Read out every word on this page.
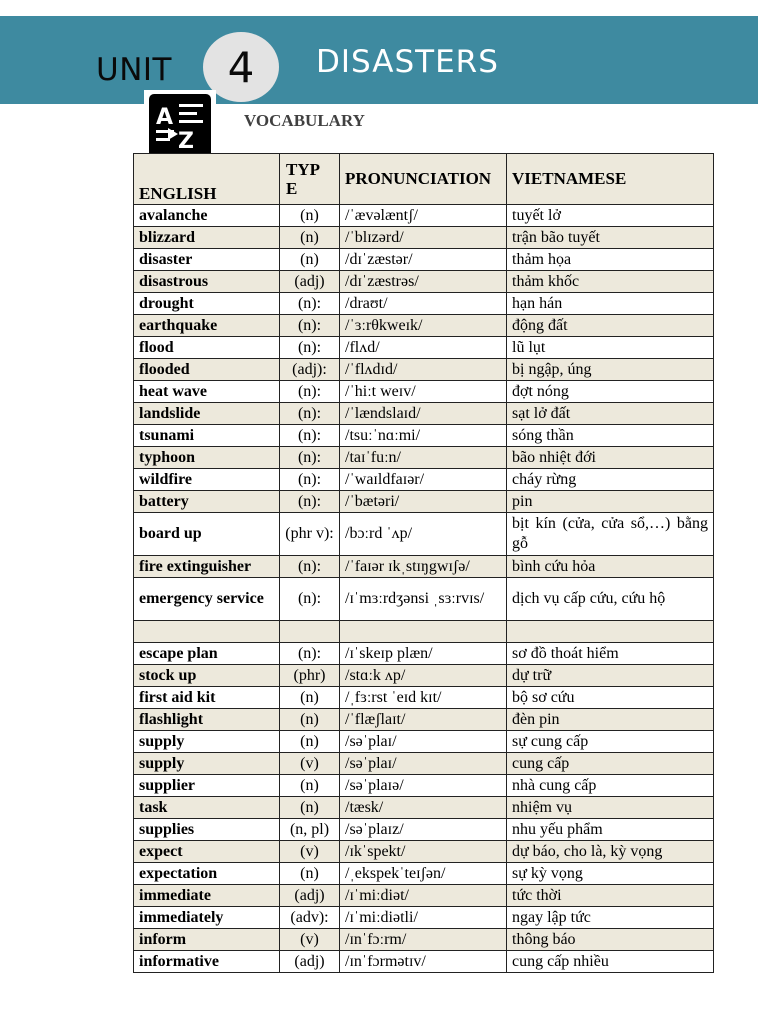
UNIT	4	DISASTERS
A
Z
VOCABULARY
ENGLISH	TYP E	PRONUNCIATION	VIETNAMESE
avalanche	(n)	/ˈævəlæntʃ/	tuyết lở
blizzard	(n)	/ˈblɪzərd/	trận bão tuyết
disaster	(n)	/dɪˈzæstər/	thảm họa
disastrous	(adj)	/dɪˈzæstrəs/	thảm khốc
drought	(n):	/draʊt/	hạn hán
earthquake	(n):	/ˈɜːrθkweɪk/	động đất
flood	(n):	/flʌd/	lũ lụt
flooded	(adj):	/ˈflʌdɪd/	bị ngập, úng
heat wave	(n):	/ˈhiːt weɪv/	đợt nóng
landslide	(n):	/ˈlændslaɪd/	sạt lở đất
tsunami	(n):	/tsuːˈnɑːmi/	sóng thần
typhoon	(n):	/taɪˈfuːn/	bão nhiệt đới
wildfire	(n):	/ˈwaɪldfaɪər/	cháy rừng
battery	(n):	/ˈbætəri/	pin
board up	(phr v):	/bɔːrd ˈʌp/	bịt kín (cửa, cửa sổ,…) bằng gỗ
fire extinguisher	(n):	/ˈfaɪər ɪkˌstɪŋgwɪʃə/	bình cứu hỏa
emergency service	(n):	/ɪˈmɜːrdʒənsi ˌsɜːrvɪs/	dịch vụ cấp cứu, cứu hộ

escape plan	(n):	/ɪˈskeɪp plæn/	sơ đồ thoát hiểm
stock up	(phr)	/stɑːk ʌp/	dự trữ
first aid kit	(n)	/ˌfɜːrst ˈeɪd kɪt/	bộ sơ cứu
flashlight	(n)	/ˈflæʃlaɪt/	đèn pin
supply	(n)	/səˈplaɪ/	sự cung cấp
supply	(v)	/səˈplaɪ/	cung cấp
supplier	(n)	/səˈplaɪə/	nhà cung cấp
task	(n)	/tæsk/	nhiệm vụ
supplies	(n, pl)	/səˈplaɪz/	nhu yếu phẩm
expect	(v)	/ɪkˈspekt/	dự báo, cho là, kỳ vọng
expectation	(n)	/ˌekspekˈteɪʃən/	sự kỳ vọng
immediate	(adj)	/ɪˈmiːdiət/	tức thời
immediately	(adv):	/ɪˈmiːdiətli/	ngay lập tức
inform	(v)	/ɪnˈfɔːrm/	thông báo
informative	(adj)	/ɪnˈfɔrmətɪv/	cung cấp nhiều
